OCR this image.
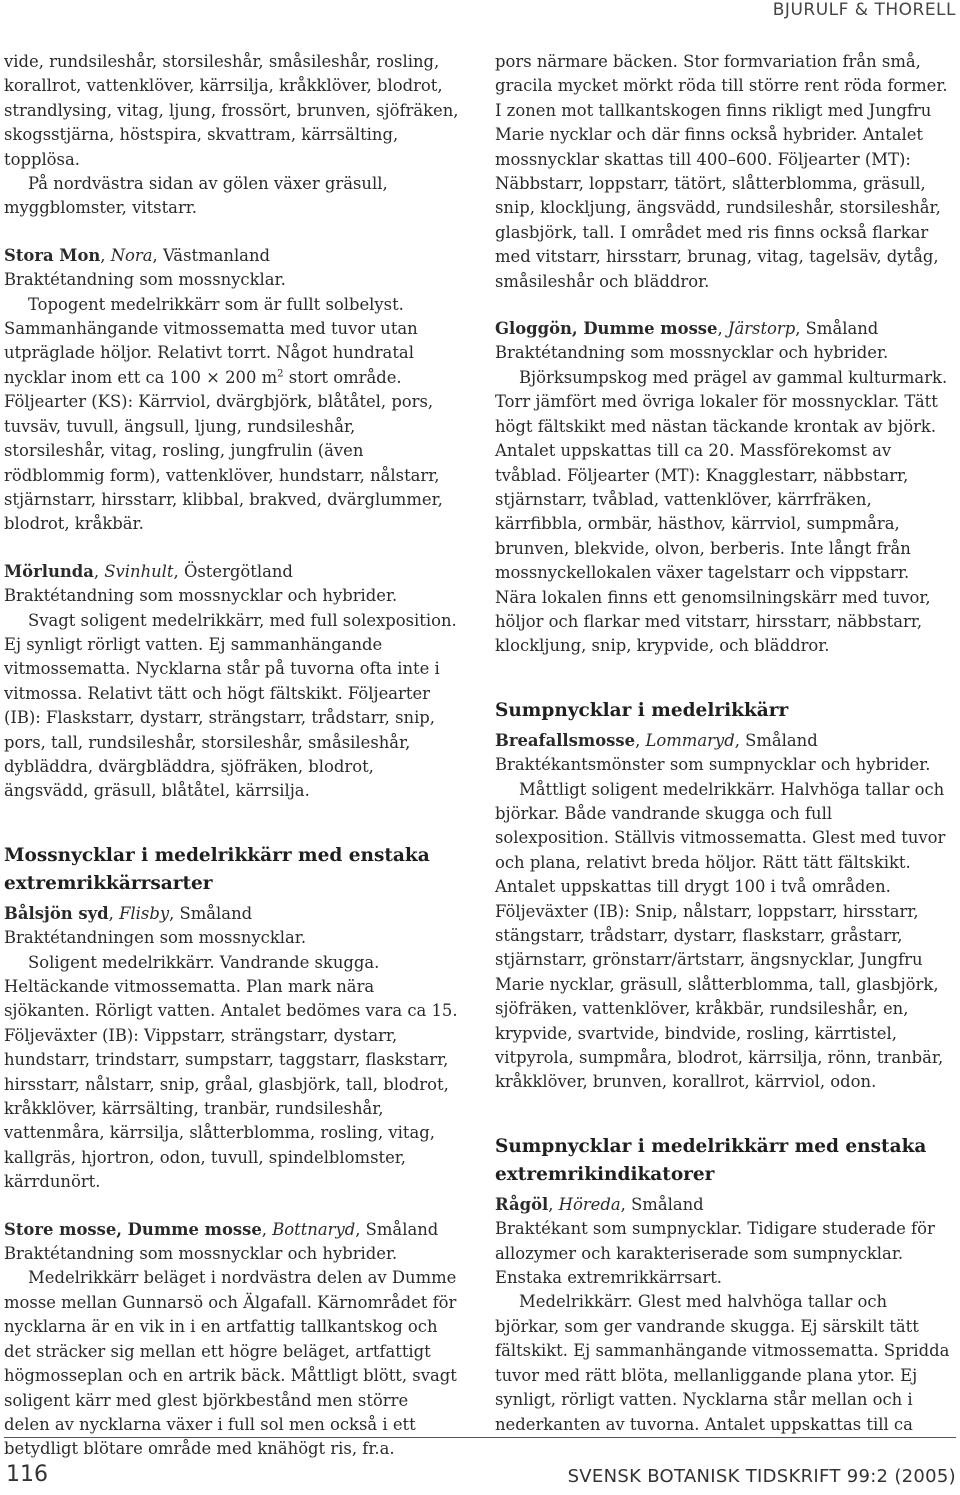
BJURULF & THORELL

vide, rundsileshår, storsileshår, småsileshår, rosling, korallrot, vattenklöver, kärrsilja, kråkklöver, blodrot, strandlysing, vitag, ljung, frossört, brunven, sjöfräken, skogsstjärna, höstspira, skvattram, kärrsälting, topplösa.

På nordvästra sidan av gölen växer gräsull, myggblomster, vitstarr.

Stora Mon, Nora, Västmanland

Braktétandning som mossnycklar.

Topogent medelrikkärr som är fullt solbelyst. Sammanhängande vitmossematta med tuvor utan utpräglade höljor. Relativt torrt. Något hundratal nycklar inom ett ca 100 × 200 $m^2$ stort område. Följearter (KS): Kärrviol, dvärgbjörk, blåtåtel, pors, tuvsäv, tuvull, ängsull, ljung, rundsileshår, storsileshår, vitag, rosling, jungfrulin (även rödblommig form), vattenklöver, hundstarr, nålstarr, stjärnstarr, hirsstarr, klibbal, brakved, dvärglummer, blodrot, kråkbär.

Mörlunda, Svinhult, Östergötland

Braktétandning som mossnycklar och hybrider.

Svagt soligent medelrikkärr, med full solexposition. Ej synligt rörligt vatten. Ej sammanhängande vitmossematta. Nycklarna står på tuvorna ofta inte i vitmossa. Relativt tätt och högt fältskikt. Följearter (IB): Flaskstarr, dystarr, strängstarr, trådstarr, snip, pors, tall, rundsileshår, storsileshår, småsileshår, dybläddra, dvärgbläddra, sjöfräken, blodrot, ängsvädd, gräsull, blåtåtel, kärrsilja.

Mossnycklar i medelrikkärr med enstaka extremrikkärrsarter

Bålsjön syd, Flisby, Småland

Braktétandningen som mossnycklar.

Soligent medelrikkärr. Vandrande skugga. Heltäckande vitmossematta. Plan mark nära sjökanten. Rörligt vatten. Antalet bedömes vara ca 15. Följeväxter (IB): Vippstarr, strängstarr, dystarr, hundstarr, trindstarr, sumpstarr, taggstarr, flaskstarr, hirsstarr, nålstarr, snip, gråal, glasbjörk, tall, blodrot, kråkklöver, kärrsälting, tranbär, rundsileshår, vattenmåra, kärrsilja, slåtterblomma, rosling, vitag, kallgräs, hjortron, odon, tuvull, spindelblomster, kärrdunört.

Store mosse, Dumme mosse, Bottnaryd, Småland

Braktétandning som mossnycklar och hybrider.

Medelrikkärr beläget i nordvästra delen av Dumme mosse mellan Gunnarsö och Älgafall. Kärnområdet för nycklarna är en vik in i en artfattig tallkantskog och det sträcker sig mellan ett högre beläget, artfattigt högmosseplan och en artrik bäck. Måttligt blött, svagt soligent kärr med glest björkbestånd men större delen av nycklarna växer i full sol men också i ett betydligt blötare område med knähögt ris, fr.a.

pors närmare bäcken. Stor formvariation från små, gracila mycket mörkt röda till större rent röda former. I zonen mot tallkantskogen finns rikligt med Jungfru Marie nycklar och där finns också hybrider. Antalet mossnycklar skattas till 400–600. Följearter (MT): Näbbstarr, loppstarr, tätört, slåtterblomma, gräsull, snip, klockljung, ängsvädd, rundsileshår, storsileshår, glasbjörk, tall. I området med ris finns också flarkar med vitstarr, hirsstarr, brunag, vitag, tagelsäv, dytåg, småsileshår och bläddror.

Gloggön, Dumme mosse, Järstorp, Småland

Braktétandning som mossnycklar och hybrider.

Björksumpskog med prägel av gammal kulturmark. Torr jämfört med övriga lokaler för mossnycklar. Tätt högt fältskikt med nästan täckande krontak av björk. Antalet uppskattas till ca 20. Massförekomst av tvåblad. Följearter (MT): Knagglestarr, näbbstarr, stjärnstarr, tvåblad, vattenklöver, kärrfräken, kärrfibbla, ormbär, hästhov, kärrviol, sumpmåra, brunven, blekvide, olvon, berberis. Inte långt från mossnyckellokalen växer tagelstarr och vippstarr. Nära lokalen finns ett genomsilningskärr med tuvor, höljor och flarkar med vitstarr, hirsstarr, näbbstarr, klockljung, snip, krypvide, och bläddror.

Sumpnycklar i medelrikkärr

Breafallsmosse, Lommaryd, Småland

Braktékantsmönster som sumpnycklar och hybrider.

Måttligt soligent medelrikkärr. Halvhöga tallar och björkar. Både vandrande skugga och full solexposition. Ställvis vitmossematta. Glest med tuvor och plana, relativt breda höljor. Rätt tätt fältskikt. Antalet uppskattas till drygt 100 i två områden. Följeväxter (IB): Snip, nålstarr, loppstarr, hirsstarr, stängstarr, trådstarr, dystarr, flaskstarr, gråstarr, stjärnstarr, grönstarr/ärtstarr, ängsnycklar, Jungfru Marie nycklar, gräsull, slåtterblomma, tall, glasbjörk, sjöfräken, vattenklöver, kråkbär, rundsileshår, en, krypvide, svartvide, bindvide, rosling, kärrtistel, vitpyrola, sumpmåra, blodrot, kärrsilja, rönn, tranbär, kråkklöver, brunven, korallrot, kärrviol, odon.

Sumpnycklar i medelrikkärr med enstaka extremrikindikatorer

Rågöl, Höreda, Småland

Braktékant som sumpnycklar. Tidigare studerade för allozymer och karakteriserade som sumpnycklar. Enstaka extremrikkärrsart.

Medelrikkärr. Glest med halvhöga tallar och björkar, som ger vandrande skugga. Ej särskilt tätt fältskikt. Ej sammanhängande vitmossematta. Spridda tuvor med rätt blöta, mellanliggande plana ytor. Ej synligt, rörligt vatten. Nycklarna står mellan och i nederkanten av tuvorna. Antalet uppskattas till ca

116	SVENSK BOTANISK TIDSKRIFT 99:2 (2005)
